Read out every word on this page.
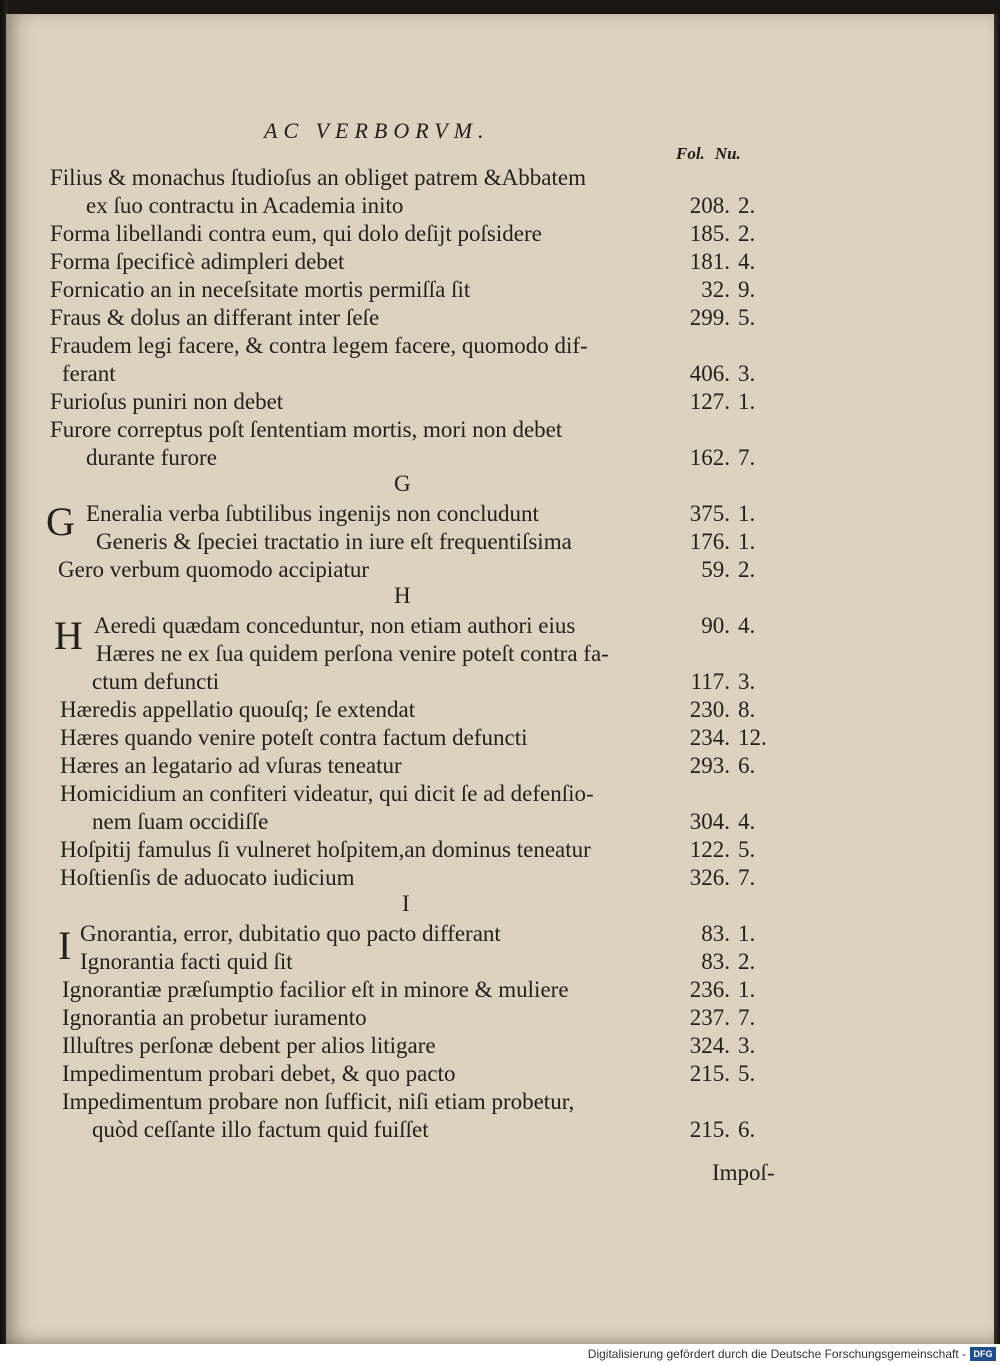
AC VERBORVM.
Fol. Nu.
Filius & monachus ſtudioſus an obliget patrem &Abbatem
ex ſuo contractu in Academia inito	208. 2.
Forma libellandi contra eum, qui dolo deſijt poſsidere	185. 2.
Forma ſpecificè adimpleri debet	181. 4.
Fornicatio an in neceſsitate mortis permiſſa ſit	32. 9.
Fraus & dolus an differant inter ſeſe	299. 5.
Fraudem legi facere, & contra legem facere, quomodo dif-
ferant	406. 3.
Furioſus puniri non debet	127. 1.
Furore correptus poſt ſententiam mortis, mori non debet
durante furore	162. 7.
G
G Eneralia verba ſubtilibus ingenijs non concludunt	375. 1.
Generis & ſpeciei tractatio in iure eſt frequentiſsima	176. 1.
Gero verbum quomodo accipiatur	59. 2.
H
H Aeredi quædam conceduntur, non etiam authori eius	90. 4.
Hæres ne ex ſua quidem perſona venire poteſt contra fa-
ctum defuncti	117. 3.
Hæredis appellatio quouſq; ſe extendat	230. 8.
Hæres quando venire poteſt contra factum defuncti	234. 12.
Hæres an legatario ad vſuras teneatur	293. 6.
Homicidium an confiteri videatur, qui dicit ſe ad defenſio-
nem ſuam occidiſſe	304. 4.
Hoſpitij famulus ſi vulneret hoſpitem,an dominus teneatur	122. 5.
Hoſtienſis de aduocato iudicium	326. 7.
I
I Gnorantia, error, dubitatio quo pacto differant	83. 1.
Ignorantia facti quid ſit	83. 2.
Ignorantiæ præſumptio facilior eſt in minore & muliere	236. 1.
Ignorantia an probetur iuramento	237. 7.
Illuſtres perſonæ debent per alios litigare	324. 3.
Impedimentum probari debet, & quo pacto	215. 5.
Impedimentum probare non ſufficit, niſi etiam probetur,
quòd ceſſante illo factum quid fuiſſet	215. 6.
Impoſ-
Digitalisierung gefördert durch die Deutsche Forschungsgemeinschaft - DFG
